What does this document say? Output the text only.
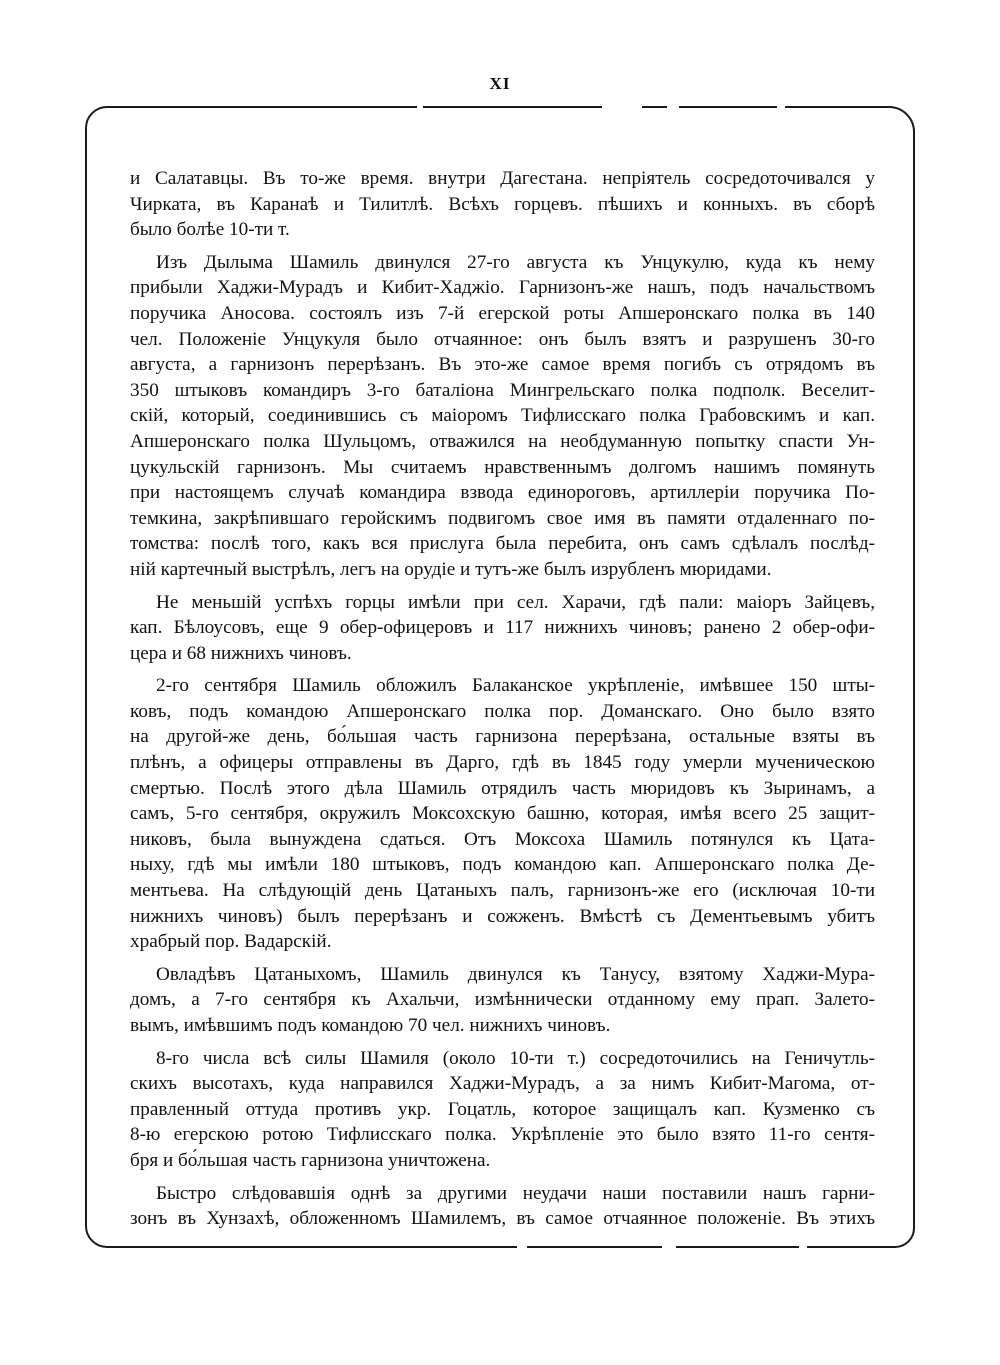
XI
и Салатавцы. Въ то-же время. внутри Дагестана. непріятель сосредоточивался у
Чирката, въ Каранаѣ и Тилитлѣ. Всѣхъ горцевъ. пѣшихъ и конныхъ. въ сборѣ
было болѣе 10-ти т.
Изъ Дылыма Шамиль двинулся 27-го августа къ Унцукулю, куда къ нему
прибыли Хаджи-Мурадъ и Кибит-Хаджіо. Гарнизонъ-же нашъ, подъ начальствомъ
поручика Аносова. состоялъ изъ 7-й егерской роты Апшеронскаго полка въ 140
чел. Положеніе Унцукуля было отчаянное: онъ былъ взятъ и разрушенъ 30-го
августа, а гарнизонъ перерѣзанъ. Въ это-же самое время погибъ съ отрядомъ въ
350 штыковъ командиръ 3-го баталіона Мингрельскаго полка подполк. Веселит-
скій, который, соединившись съ маіоромъ Тифлисскаго полка Грабовскимъ и кап.
Апшеронскаго полка Шульцомъ, отважился на необдуманную попытку спасти Ун-
цукульскій гарнизонъ. Мы считаемъ нравственнымъ долгомъ нашимъ помянуть
при настоящемъ случаѣ командира взвода единороговъ, артиллеріи поручика По-
темкина, закрѣпившаго геройскимъ подвигомъ свое имя въ памяти отдаленнаго по-
томства: послѣ того, какъ вся прислуга была перебита, онъ самъ сдѣлалъ послѣд-
ній картечный выстрѣлъ, легъ на орудіе и тутъ-же былъ изрубленъ мюридами.
Не меньшій успѣхъ горцы имѣли при сел. Харачи, гдѣ пали: маіоръ Зайцевъ,
кап. Бѣлоусовъ, еще 9 обер-офицеровъ и 117 нижнихъ чиновъ; ранено 2 обер-офи-
цера и 68 нижнихъ чиновъ.
2-го сентября Шамиль обложилъ Балаканское укрѣпленіе, имѣвшее 150 шты-
ковъ, подъ командою Апшеронскаго полка пор. Доманскаго. Оно было взято
на другой-же день, бо́льшая часть гарнизона перерѣзана, остальные взяты въ
плѣнъ, а офицеры отправлены въ Дарго, гдѣ въ 1845 году умерли мученическою
смертью. Послѣ этого дѣла Шамиль отрядилъ часть мюридовъ къ Зыринамъ, а
самъ, 5-го сентября, окружилъ Моксохскую башню, которая, имѣя всего 25 защит-
никовъ, была вынуждена сдаться. Отъ Моксоха Шамиль потянулся къ Цата-
ныху, гдѣ мы имѣли 180 штыковъ, подъ командою кап. Апшеронскаго полка Де-
ментьева. На слѣдующій день Цатаныхъ палъ, гарнизонъ-же его (исключая 10-ти
нижнихъ чиновъ) былъ перерѣзанъ и сожженъ. Вмѣстѣ съ Дементьевымъ убитъ
храбрый пор. Вадарскій.
Овладѣвъ Цатаныхомъ, Шамиль двинулся къ Танусу, взятому Хаджи-Мура-
домъ, а 7-го сентября къ Ахальчи, измѣннически отданному ему прап. Залето-
вымъ, имѣвшимъ подъ командою 70 чел. нижнихъ чиновъ.
8-го числа всѣ силы Шамиля (около 10-ти т.) сосредоточились на Геничутль-
скихъ высотахъ, куда направился Хаджи-Мурадъ, а за нимъ Кибит-Магома, от-
правленный оттуда противъ укр. Гоцатль, которое защищалъ кап. Кузменко съ
8-ю егерскою ротою Тифлисскаго полка. Укрѣпленіе это было взято 11-го сентя-
бря и бо́льшая часть гарнизона уничтожена.
Быстро слѣдовавшія однѣ за другими неудачи наши поставили нашъ гарни-
зонъ въ Хунзахѣ, обложенномъ Шамилемъ, въ самое отчаянное положеніе. Въ этихъ
